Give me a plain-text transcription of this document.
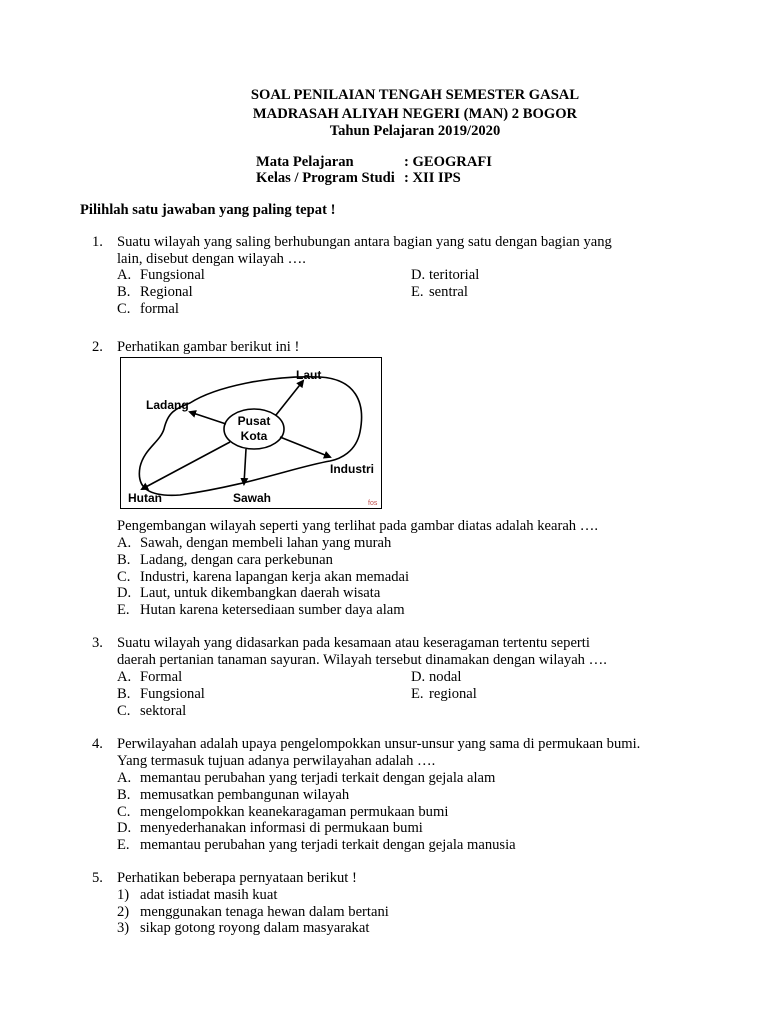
SOAL PENILAIAN TENGAH SEMESTER GASAL
MADRASAH ALIYAH NEGERI (MAN) 2 BOGOR
Tahun Pelajaran 2019/2020
Mata Pelajaran	: GEOGRAFI
Kelas / Program Studi : XII IPS
Pilihlah satu jawaban yang paling tepat !
1. Suatu wilayah yang saling berhubungan antara bagian yang satu dengan bagian yang
lain, disebut dengan wilayah ….
A. Fungsional
B. Regional
C. formal
D. teritorial
E. sentral
2. Perhatikan gambar berikut ini !
Pusat
Kota
Laut
Ladang
Industri
Hutan	Sawah	fos
Pengembangan wilayah seperti yang terlihat pada gambar diatas adalah kearah ….
A. Sawah, dengan membeli lahan yang murah
B. Ladang, dengan cara perkebunan
C. Industri, karena lapangan kerja akan memadai
D. Laut, untuk dikembangkan daerah wisata
E. Hutan karena ketersediaan sumber daya alam
3. Suatu wilayah yang didasarkan pada kesamaan atau keseragaman tertentu seperti
daerah pertanian tanaman sayuran. Wilayah tersebut dinamakan dengan wilayah ….
A. Formal
B. Fungsional
C. sektoral
D. nodal
E. regional
4. Perwilayahan adalah upaya pengelompokkan unsur-unsur yang sama di permukaan bumi.
Yang termasuk tujuan adanya perwilayahan adalah ….
A. memantau perubahan yang terjadi terkait dengan gejala alam
B. memusatkan pembangunan wilayah
C. mengelompokkan keanekaragaman permukaan bumi
D. menyederhanakan informasi di permukaan bumi
E. memantau perubahan yang terjadi terkait dengan gejala manusia
5. Perhatikan beberapa pernyataan berikut !
1) adat istiadat masih kuat
2) menggunakan tenaga hewan dalam bertani
3) sikap gotong royong dalam masyarakat
